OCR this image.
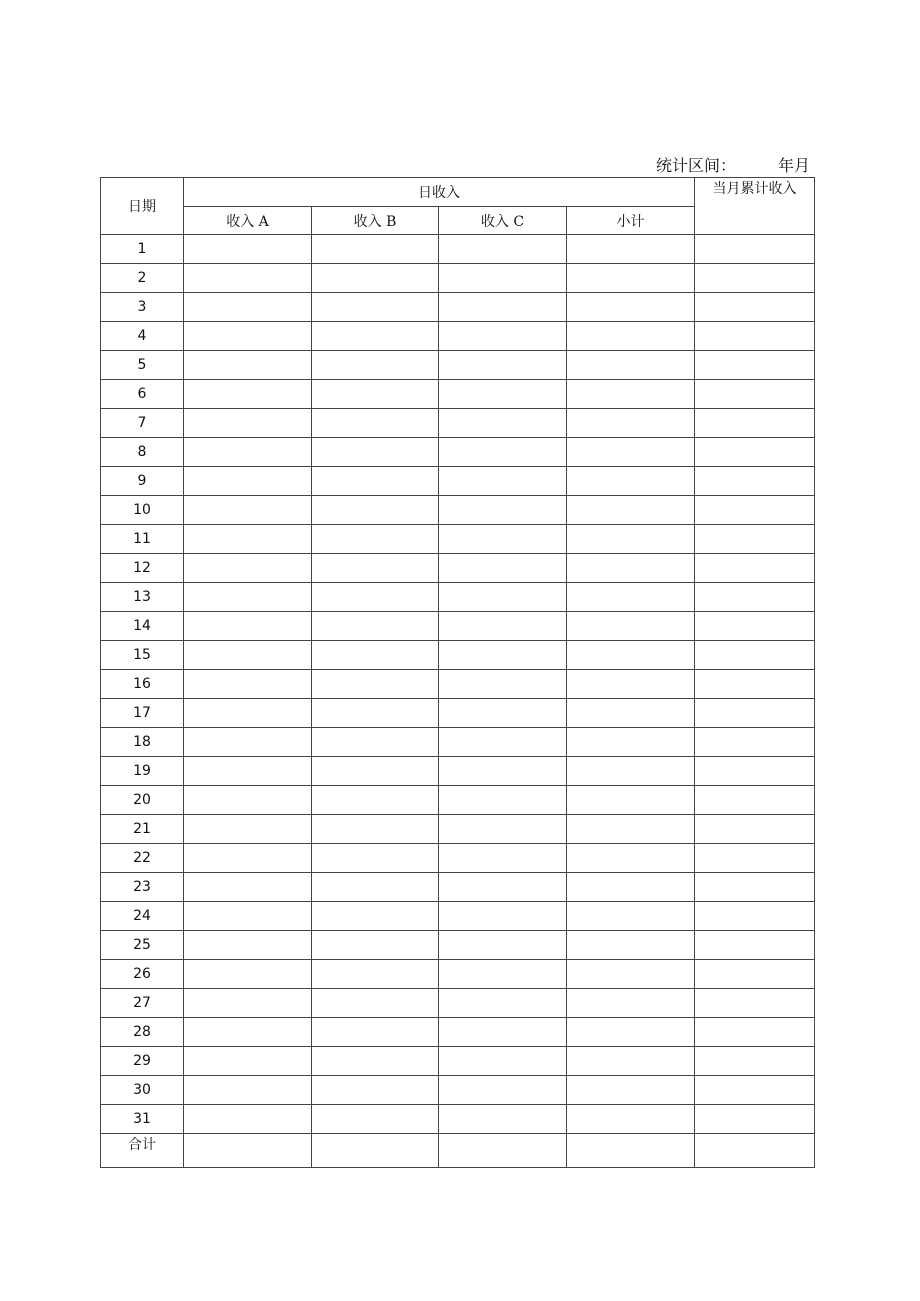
统计区间：	年月
日期	日收入				当月累计收入
	收入 A	收入 B	收入 C	小计	
1					
2					
3					
4					
5					
6					
7					
8					
9					
10					
11					
12					
13					
14					
15					
16					
17					
18					
19					
20					
21					
22					
23					
24					
25					
26					
27					
28					
29					
30					
31					
合计					
